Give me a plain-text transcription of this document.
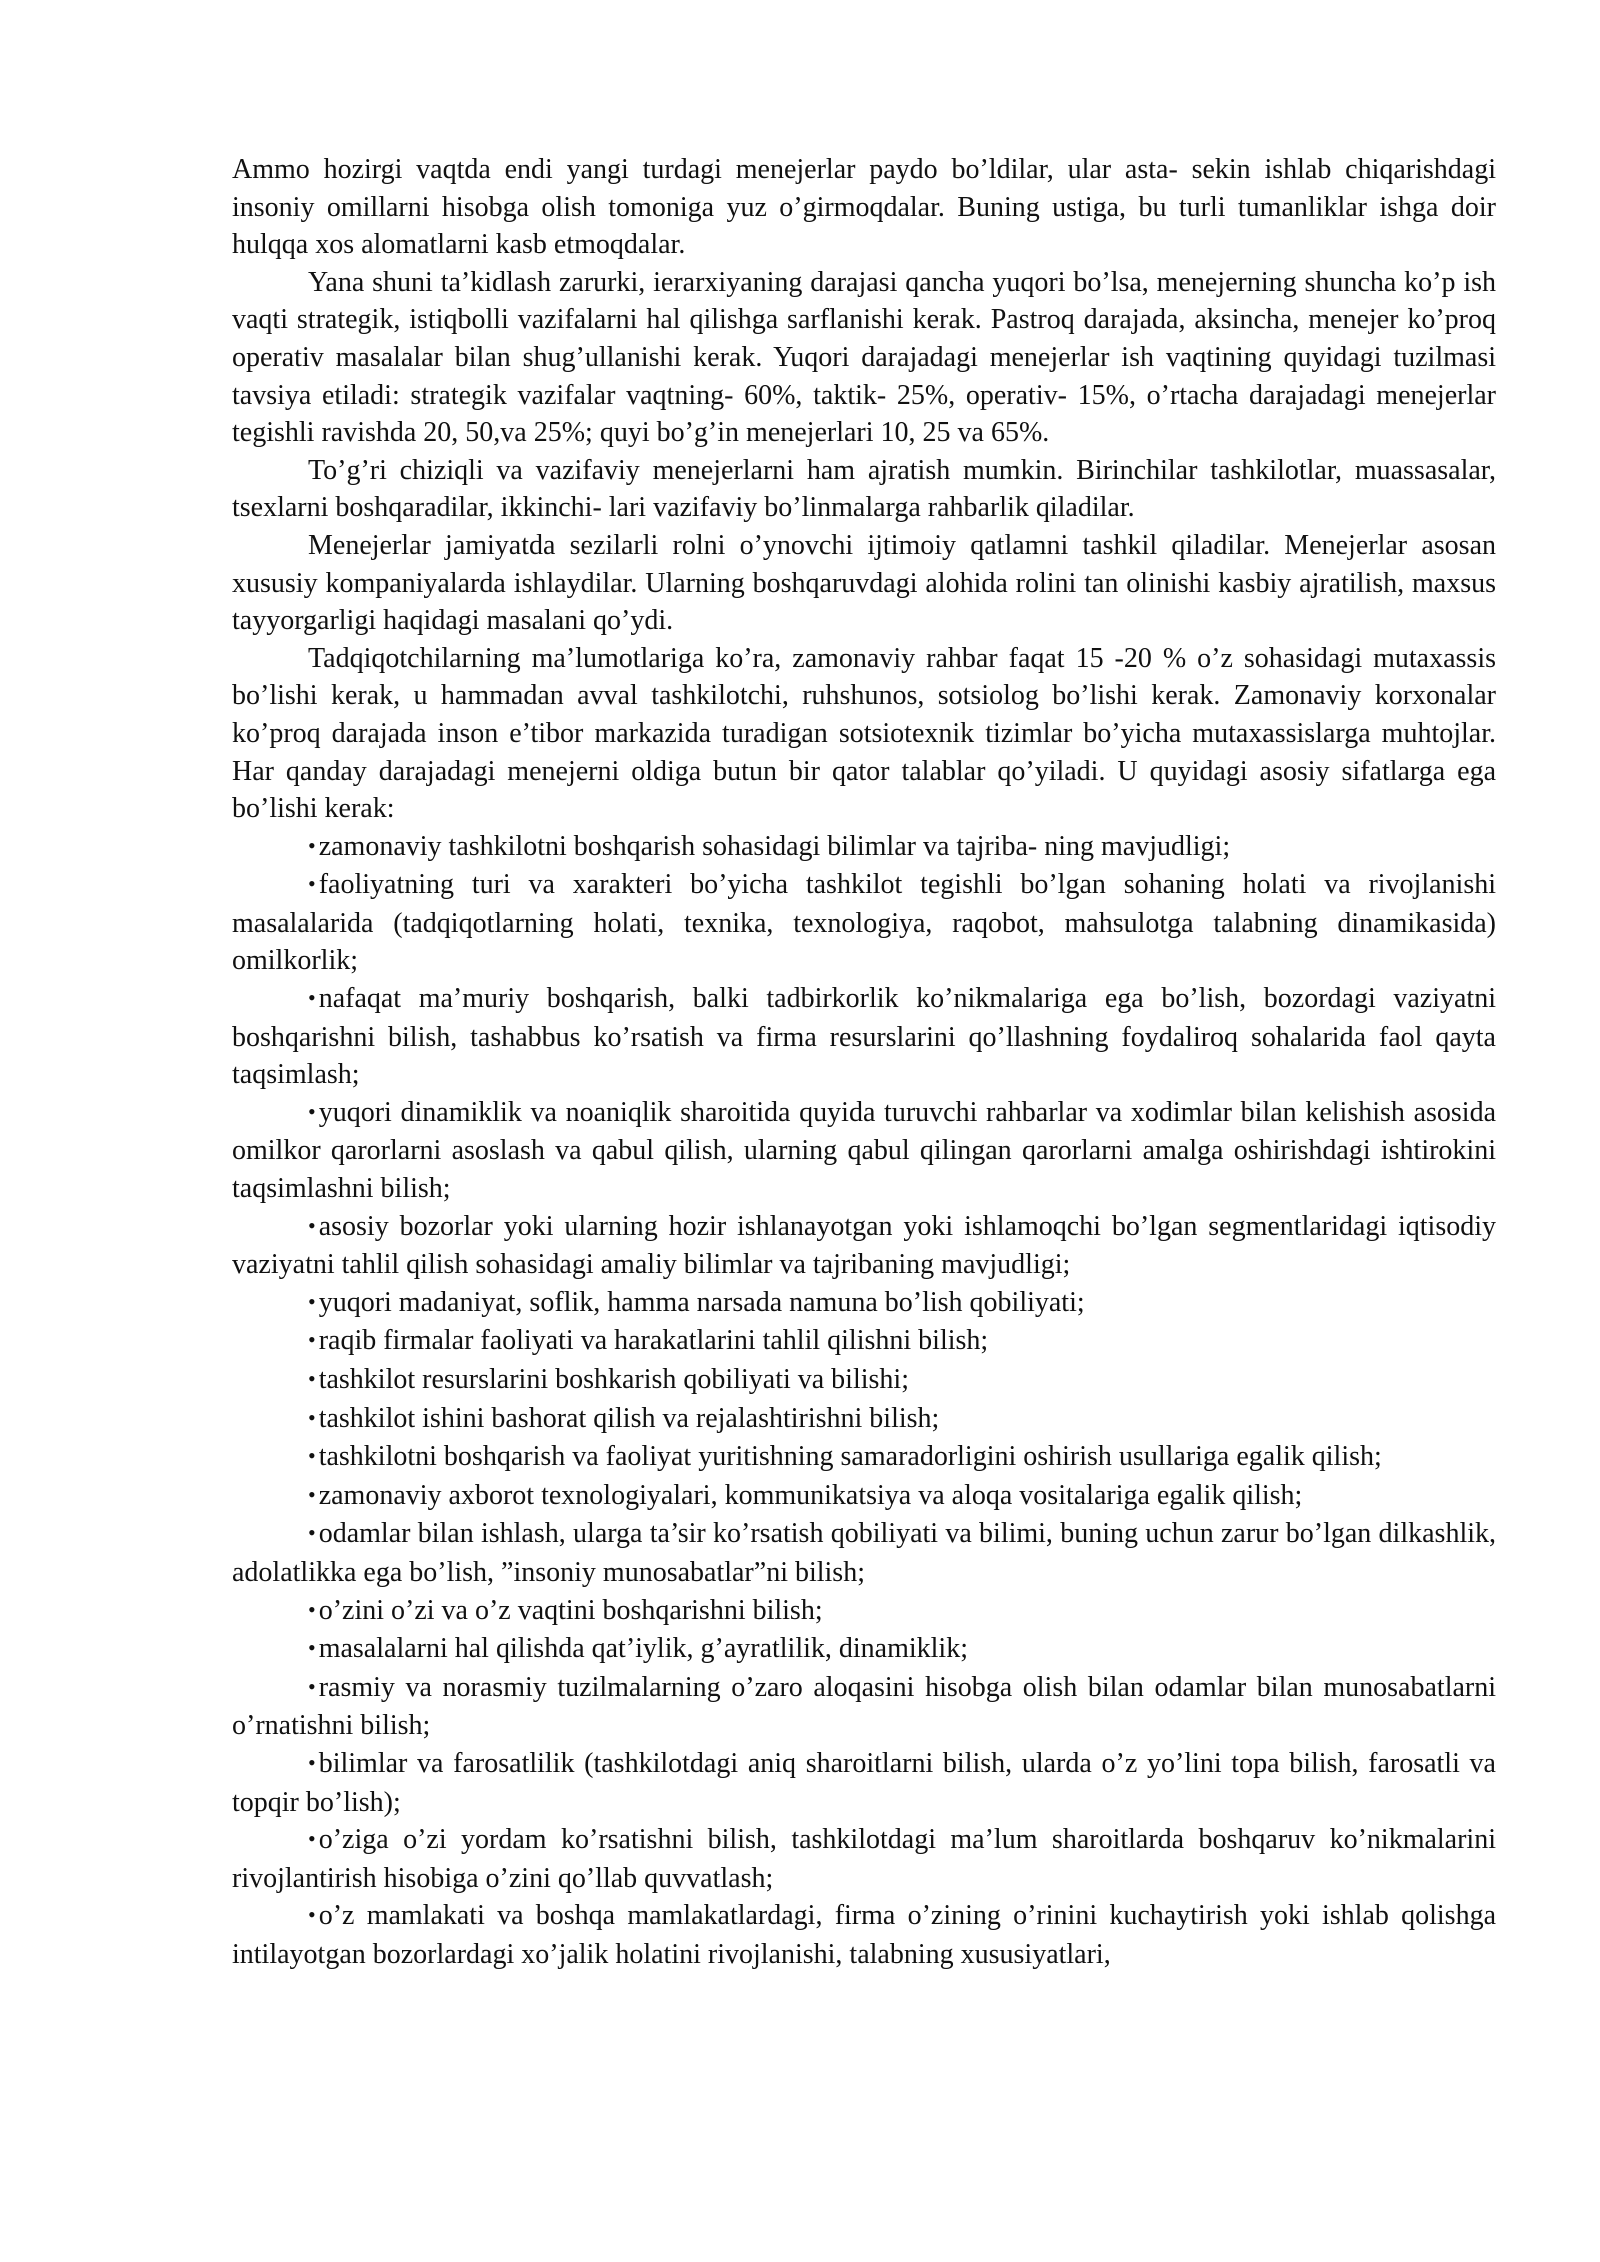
Ammo hozirgi vaqtda endi yangi turdagi menejerlar paydo bo’ldilar, ular asta- sekin ishlab chiqarishdagi insoniy omillarni hisobga olish tomoniga yuz o’girmoqdalar. Buning ustiga, bu turli tumanliklar ishga doir hulqqa xos alomatlarni kasb etmoqdalar.

Yana shuni ta’kidlash zarurki, ierarxiyaning darajasi qancha yuqori bo’lsa, menejerning shuncha ko’p ish vaqti strategik, istiqbolli vazifalarni hal qilishga sarflanishi kerak. Pastroq darajada, aksincha, menejer ko’proq operativ masalalar bilan shug’ullanishi kerak. Yuqori darajadagi menejerlar ish vaqtining quyidagi tuzilmasi tavsiya etiladi: strategik vazifalar vaqtning- 60%, taktik- 25%, operativ- 15%, o’rtacha darajadagi menejerlar tegishli ravishda 20, 50,va 25%; quyi bo’g’in menejerlari 10, 25 va 65%.

To’g’ri chiziqli va vazifaviy menejerlarni ham ajratish mumkin. Birinchilar tashkilotlar, muassasalar, tsexlarni boshqaradilar, ikkinchi- lari vazifaviy bo’linmalarga rahbarlik qiladilar.

Menejerlar jamiyatda sezilarli rolni o’ynovchi ijtimoiy qatlamni tashkil qiladilar. Menejerlar asosan xususiy kompaniyalarda ishlaydilar. Ularning boshqaruvdagi alohida rolini tan olinishi kasbiy ajratilish, maxsus tayyorgarligi haqidagi masalani qo’ydi.

Tadqiqotchilarning ma’lumotlariga ko’ra, zamonaviy rahbar faqat 15 -20 % o’z sohasidagi mutaxassis bo’lishi kerak, u hammadan avval tashkilotchi, ruhshunos, sotsiolog bo’lishi kerak. Zamonaviy korxonalar ko’proq darajada inson e’tibor markazida turadigan sotsiotexnik tizimlar bo’yicha mutaxassislarga muhtojlar. Har qanday darajadagi menejerni oldiga butun bir qator talablar qo’yiladi. U quyidagi asosiy sifatlarga ega bo’lishi kerak:

• zamonaviy tashkilotni boshqarish sohasidagi bilimlar va tajriba- ning mavjudligi;

• faoliyatning turi va xarakteri bo’yicha tashkilot tegishli bo’lgan sohaning holati va rivojlanishi masalalarida (tadqiqotlarning holati, texnika, texnologiya, raqobot, mahsulotga talabning dinamikasida) omilkorlik;

• nafaqat ma’muriy boshqarish, balki tadbirkorlik ko’nikmalariga ega bo’lish, bozordagi vaziyatni boshqarishni bilish, tashabbus ko’rsatish va firma resurslarini qo’llashning foydaliroq sohalarida faol qayta taqsimlash;

• yuqori dinamiklik va noaniqlik sharoitida quyida turuvchi rahbarlar va xodimlar bilan kelishish asosida omilkor qarorlarni asoslash va qabul qilish, ularning qabul qilingan qarorlarni amalga oshirishdagi ishtirokini taqsimlashni bilish;

• asosiy bozorlar yoki ularning hozir ishlanayotgan yoki ishlamoqchi bo’lgan segmentlaridagi iqtisodiy vaziyatni tahlil qilish sohasidagi amaliy bilimlar va tajribaning mavjudligi;

• yuqori madaniyat, soflik, hamma narsada namuna bo’lish qobiliyati;

• raqib firmalar faoliyati va harakatlarini tahlil qilishni bilish;

• tashkilot resurslarini boshkarish qobiliyati va bilishi;

• tashkilot ishini bashorat qilish va rejalashtirishni bilish;

• tashkilotni boshqarish va faoliyat yuritishning samaradorligini oshirish usullariga egalik qilish;

• zamonaviy axborot texnologiyalari, kommunikatsiya va aloqa vositalariga egalik qilish;

• odamlar bilan ishlash, ularga ta’sir ko’rsatish qobiliyati va bilimi, buning uchun zarur bo’lgan dilkashlik, adolatlikka ega bo’lish, ”insoniy munosabatlar”ni bilish;

• o’zini o’zi va o’z vaqtini boshqarishni bilish;

• masalalarni hal qilishda qat’iylik, g’ayratlilik, dinamiklik;

• rasmiy va norasmiy tuzilmalarning o’zaro aloqasini hisobga olish bilan odamlar bilan munosabatlarni o’rnatishni bilish;

• bilimlar va farosatlilik (tashkilotdagi aniq sharoitlarni bilish, ularda o’z yo’lini topa bilish, farosatli va topqir bo’lish);

• o’ziga o’zi yordam ko’rsatishni bilish, tashkilotdagi ma’lum sharoitlarda boshqaruv ko’nikmalarini rivojlantirish hisobiga o’zini qo’llab quvvatlash;

• o’z mamlakati va boshqa mamlakatlardagi, firma o’zining o’rinini kuchaytirish yoki ishlab qolishga intilayotgan bozorlardagi xo’jalik holatini rivojlanishi, talabning xususiyatlari,
